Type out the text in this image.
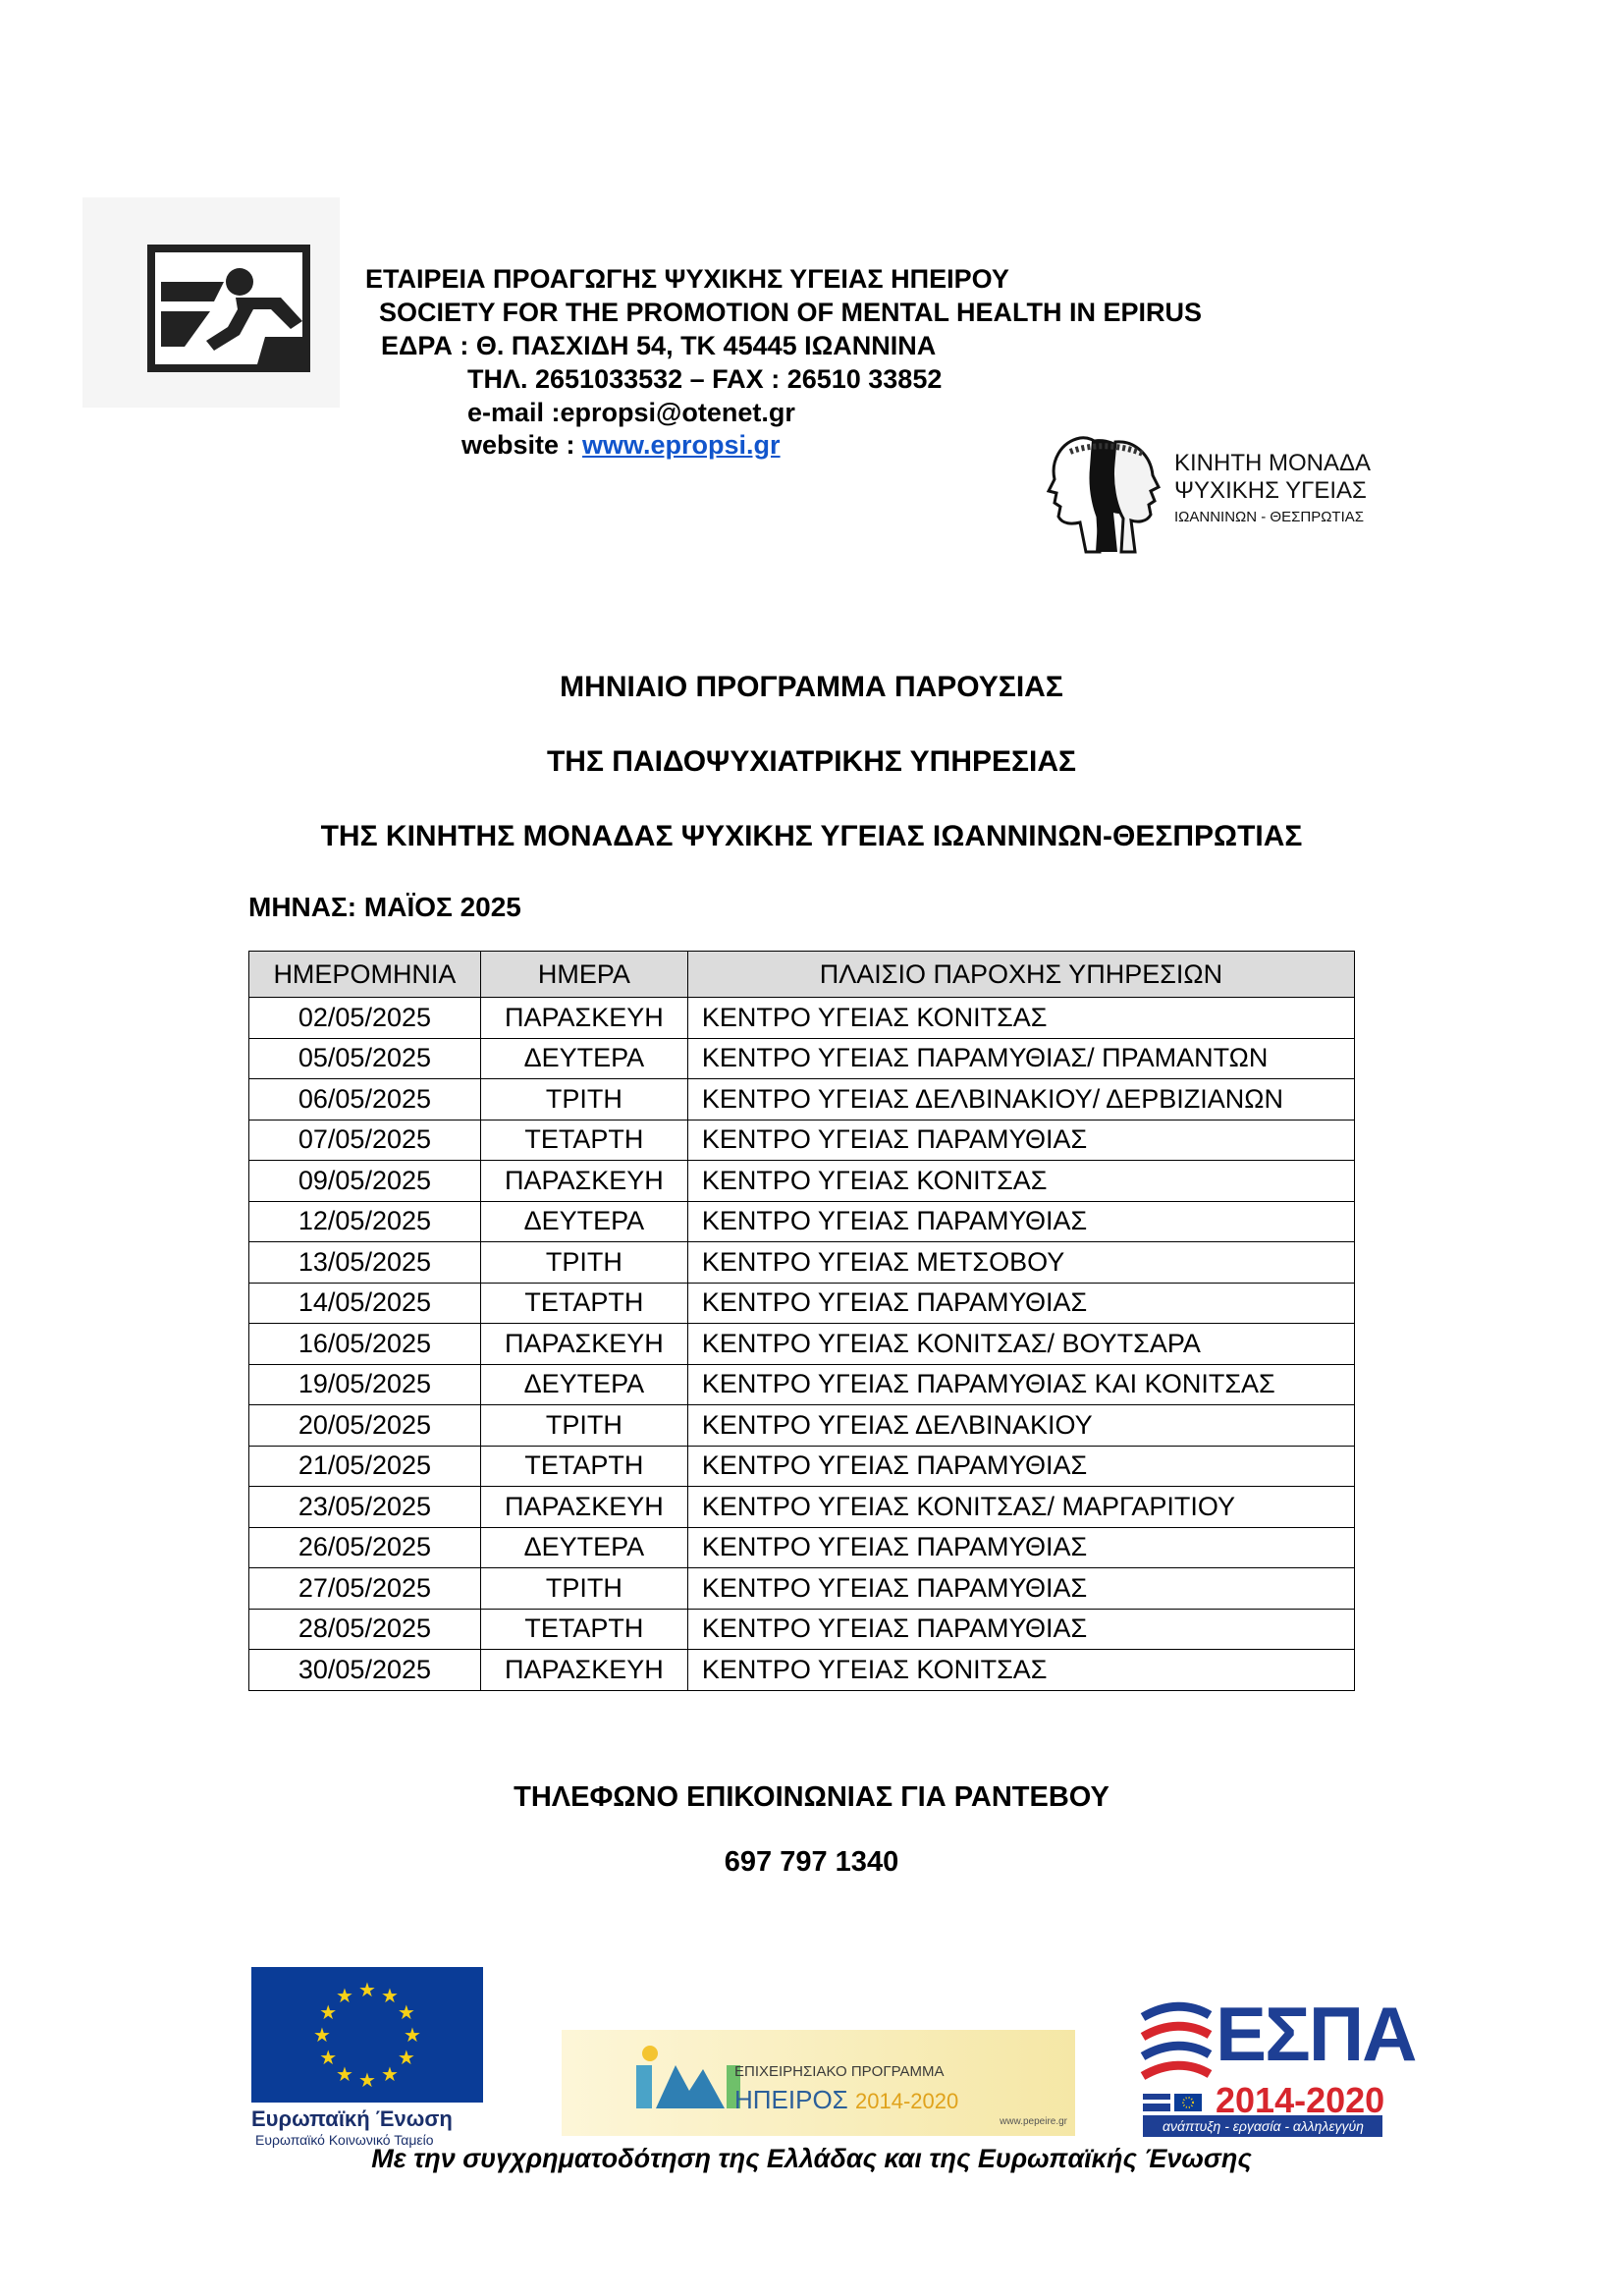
ΕΤΑΙΡΕΙΑ ΠΡΟΑΓΩΓΗΣ ΨΥΧΙΚΗΣ ΥΓΕΙΑΣ ΗΠΕΙΡΟΥ
SOCIETY FOR THE PROMOTION OF MENTAL HEALTH IN EPIRUS
ΕΔΡΑ : Θ. ΠΑΣΧΙΔΗ 54, ΤΚ 45445 ΙΩΑΝΝΙΝΑ
ΤΗΛ. 2651033532 – FAX : 26510 33852
e-mail :epropsi@otenet.gr
website : www.epropsi.gr
ΚΙΝΗΤΗ ΜΟΝΑΔΑ
ΨΥΧΙΚΗΣ ΥΓΕΙΑΣ
ΙΩΑΝΝΙΝΩΝ - ΘΕΣΠΡΩΤΙΑΣ
ΜΗΝΙΑΙΟ ΠΡΟΓΡΑΜΜΑ ΠΑΡΟΥΣΙΑΣ
ΤΗΣ ΠΑΙΔΟΨΥΧΙΑΤΡΙΚΗΣ ΥΠΗΡΕΣΙΑΣ
ΤΗΣ ΚΙΝΗΤΗΣ ΜΟΝΑΔΑΣ ΨΥΧΙΚΗΣ ΥΓΕΙΑΣ ΙΩΑΝΝΙΝΩΝ-ΘΕΣΠΡΩΤΙΑΣ
ΜΗΝΑΣ: ΜΑΪΟΣ 2025
ΗΜΕΡΟΜΗΝΙΑ	ΗΜΕΡΑ	ΠΛΑΙΣΙΟ ΠΑΡΟΧΗΣ ΥΠΗΡΕΣΙΩΝ
02/05/2025	ΠΑΡΑΣΚΕΥΗ	ΚΕΝΤΡΟ ΥΓΕΙΑΣ ΚΟΝΙΤΣΑΣ
05/05/2025	ΔΕΥΤΕΡΑ	ΚΕΝΤΡΟ ΥΓΕΙΑΣ ΠΑΡΑΜΥΘΙΑΣ/ ΠΡΑΜΑΝΤΩΝ
06/05/2025	ΤΡΙΤΗ	ΚΕΝΤΡΟ ΥΓΕΙΑΣ ΔΕΛΒΙΝΑΚΙΟΥ/ ΔΕΡΒΙΖΙΑΝΩΝ
07/05/2025	ΤΕΤΑΡΤΗ	ΚΕΝΤΡΟ ΥΓΕΙΑΣ ΠΑΡΑΜΥΘΙΑΣ
09/05/2025	ΠΑΡΑΣΚΕΥΗ	ΚΕΝΤΡΟ ΥΓΕΙΑΣ ΚΟΝΙΤΣΑΣ
12/05/2025	ΔΕΥΤΕΡΑ	ΚΕΝΤΡΟ ΥΓΕΙΑΣ ΠΑΡΑΜΥΘΙΑΣ
13/05/2025	ΤΡΙΤΗ	ΚΕΝΤΡΟ ΥΓΕΙΑΣ ΜΕΤΣΟΒΟΥ
14/05/2025	ΤΕΤΑΡΤΗ	ΚΕΝΤΡΟ ΥΓΕΙΑΣ ΠΑΡΑΜΥΘΙΑΣ
16/05/2025	ΠΑΡΑΣΚΕΥΗ	ΚΕΝΤΡΟ ΥΓΕΙΑΣ ΚΟΝΙΤΣΑΣ/ ΒΟΥΤΣΑΡΑ
19/05/2025	ΔΕΥΤΕΡΑ	ΚΕΝΤΡΟ ΥΓΕΙΑΣ ΠΑΡΑΜΥΘΙΑΣ ΚΑΙ ΚΟΝΙΤΣΑΣ
20/05/2025	ΤΡΙΤΗ	ΚΕΝΤΡΟ ΥΓΕΙΑΣ ΔΕΛΒΙΝΑΚΙΟΥ
21/05/2025	ΤΕΤΑΡΤΗ	ΚΕΝΤΡΟ ΥΓΕΙΑΣ ΠΑΡΑΜΥΘΙΑΣ
23/05/2025	ΠΑΡΑΣΚΕΥΗ	ΚΕΝΤΡΟ ΥΓΕΙΑΣ ΚΟΝΙΤΣΑΣ/ ΜΑΡΓΑΡΙΤΙΟΥ
26/05/2025	ΔΕΥΤΕΡΑ	ΚΕΝΤΡΟ ΥΓΕΙΑΣ ΠΑΡΑΜΥΘΙΑΣ
27/05/2025	ΤΡΙΤΗ	ΚΕΝΤΡΟ ΥΓΕΙΑΣ ΠΑΡΑΜΥΘΙΑΣ
28/05/2025	ΤΕΤΑΡΤΗ	ΚΕΝΤΡΟ ΥΓΕΙΑΣ ΠΑΡΑΜΥΘΙΑΣ
30/05/2025	ΠΑΡΑΣΚΕΥΗ	ΚΕΝΤΡΟ ΥΓΕΙΑΣ ΚΟΝΙΤΣΑΣ
ΤΗΛΕΦΩΝΟ ΕΠΙΚΟΙΝΩΝΙΑΣ ΓΙΑ ΡΑΝΤΕΒΟΥ
697 797 1340
★ ★
★
★
★
★
★
★
★
★
★
★
Ευρωπαϊκή Ένωση
Ευρωπαϊκό Κοινωνικό Ταμείο
ΕΠΙΧΕΙΡΗΣΙΑΚΟ ΠΡΟΓΡΑΜΜΑ
ΗΠΕΙΡΟΣ 2014-2020
www.pepeire.gr
ΕΣΠΑ
2014-2020
ανάπτυξη - εργασία - αλληλεγγύη
Με την συγχρηματοδότηση της Ελλάδας και της Ευρωπαϊκής Ένωσης
